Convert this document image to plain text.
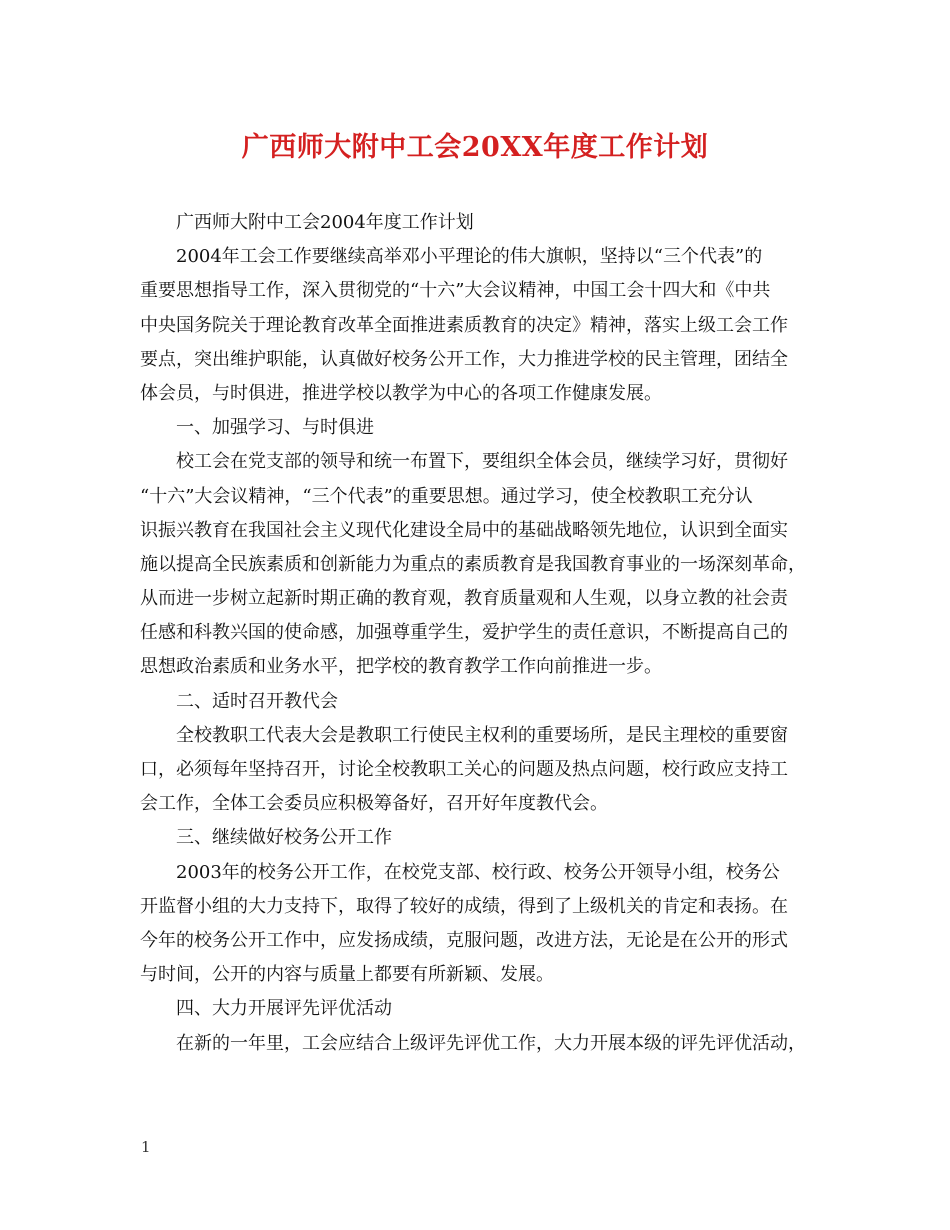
广西师大附中工会20XX年度工作计划
广西师大附中工会2004年度工作计划
2004年工会工作要继续高举邓小平理论的伟大旗帜，坚持以“三个代表”的
重要思想指导工作，深入贯彻党的“十六”大会议精神，中国工会十四大和《中共
中央国务院关于理论教育改革全面推进素质教育的决定》精神，落实上级工会工作
要点，突出维护职能，认真做好校务公开工作，大力推进学校的民主管理，团结全
体会员，与时俱进，推进学校以教学为中心的各项工作健康发展。
一、加强学习、与时俱进
校工会在党支部的领导和统一布置下，要组织全体会员，继续学习好，贯彻好
“十六”大会议精神，“三个代表”的重要思想。通过学习，使全校教职工充分认
识振兴教育在我国社会主义现代化建设全局中的基础战略领先地位，认识到全面实
施以提高全民族素质和创新能力为重点的素质教育是我国教育事业的一场深刻革命，
从而进一步树立起新时期正确的教育观，教育质量观和人生观，以身立教的社会责
任感和科教兴国的使命感，加强尊重学生，爱护学生的责任意识，不断提高自己的
思想政治素质和业务水平，把学校的教育教学工作向前推进一步。
二、适时召开教代会
全校教职工代表大会是教职工行使民主权利的重要场所，是民主理校的重要窗
口，必须每年坚持召开，讨论全校教职工关心的问题及热点问题，校行政应支持工
会工作，全体工会委员应积极筹备好，召开好年度教代会。
三、继续做好校务公开工作
2003年的校务公开工作，在校党支部、校行政、校务公开领导小组，校务公
开监督小组的大力支持下，取得了较好的成绩，得到了上级机关的肯定和表扬。在
今年的校务公开工作中，应发扬成绩，克服问题，改进方法，无论是在公开的形式
与时间，公开的内容与质量上都要有所新颖、发展。
四、大力开展评先评优活动
在新的一年里，工会应结合上级评先评优工作，大力开展本级的评先评优活动，
1
